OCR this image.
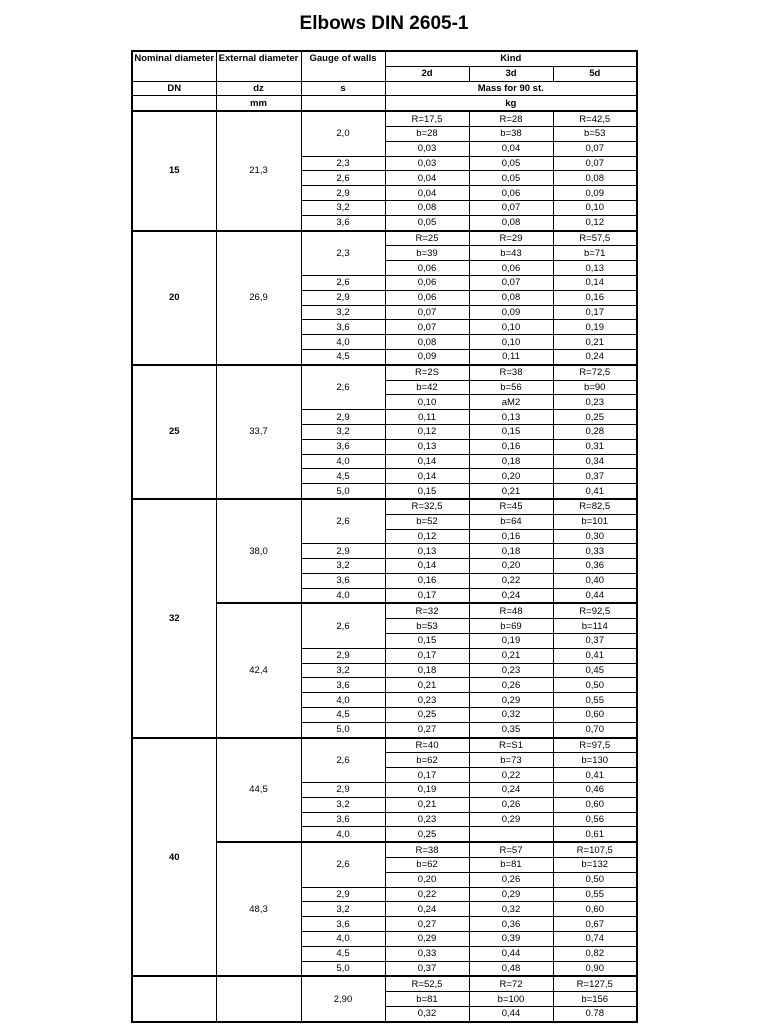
Elbows DIN 2605-1
Nominal diameter	External diameter	Gauge of walls	Kind		
			2d	3d	5d
DN	dz	s	Mass for 90 st.		
	mm		kg		
15	21,3	2,0	R=17,5	R=28	R=42,5
			b=28	b=38	b=53
			0,03	0,04	0,07
		2,3	0,03	0,05	0,07
		2,6	0,04	0,05	0,08
		2,9	0,04	0,06	0,09
		3,2	0,08	0,07	0,10
		3,6	0,05	0,08	0,12
20	26,9	2,3	R=25	R=29	R=57,5
			b=39	b=43	b=71
			0,06	0,06	0,13
		2,6	0,06	0,07	0,14
		2,9	0,06	0,08	0,16
		3,2	0,07	0,09	0,17
		3,6	0,07	0,10	0,19
		4,0	0,08	0,10	0,21
		4,5	0,09	0,11	0,24
25	33,7	2,6	R=2S	R=38	R=72,5
			b=42	b=56	b=90
			0,10	aM2	0,23
		2,9	0,11	0,13	0,25
		3,2	0,12	0,15	0,28
		3,6	0,13	0,16	0,31
		4,0	0,14	0,18	0,34
		4,5	0,14	0,20	0,37
		5,0	0,15	0,21	0,41
32	38,0	2,6	R=32,5	R=45	R=82,5
			b=52	b=64	b=101
			0,12	0,16	0,30
		2,9	0,13	0,18	0,33
		3,2	0,14	0,20	0,36
		3,6	0,16	0,22	0,40
		4,0	0,17	0,24	0,44
	42,4	2,6	R=32	R=48	R=92,5
			b=53	b=69	b=114
			0,15	0,19	0,37
		2,9	0,17	0,21	0,41
		3,2	0,18	0,23	0,45
		3,6	0,21	0,26	0,50
		4,0	0,23	0,29	0,55
		4,5	0,25	0,32	0,60
		5,0	0,27	0,35	0,70
40	44,5	2,6	R=40	R=S1	R=97,5
			b=62	b=73	b=130
			0,17	0,22	0,41
		2,9	0,19	0,24	0,46
		3,2	0,21	0,26	0,60
		3,6	0,23	0,29	0,56
		4,0	0,25		0,61
	48,3	2,6	R=38	R=57	R=107,5
			b=62	b=81	b=132
			0,20	0,26	0,50
		2,9	0,22	0,29	0,55
		3,2	0,24	0,32	0,60
		3,6	0,27	0,36	0,67
		4,0	0,29	0,39	0,74
		4,5	0,33	0,44	0,82
		5,0	0,37	0,48	0,90
		2,90	R=52,5	R=72	R=127,5
			b=81	b=100	b=156
			0,32	0,44	0.78
